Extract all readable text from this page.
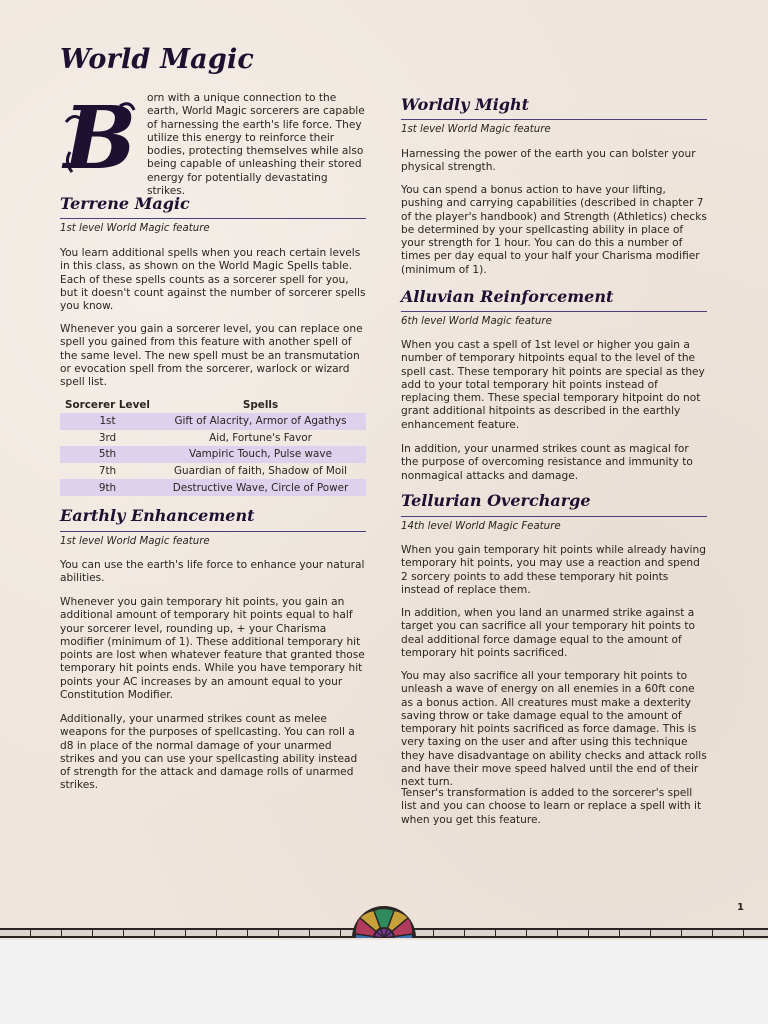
World Magic
B orn with a unique connection to the earth, World Magic sorcerers are capable of harnessing the earth's life force. They utilize this energy to reinforce their bodies, protecting themselves while also being capable of unleashing their stored energy for potentially devastating strikes.
Terrene Magic
1st level World Magic feature
You learn additional spells when you reach certain levels in this class, as shown on the World Magic Spells table. Each of these spells counts as a sorcerer spell for you, but it doesn't count against the number of sorcerer spells you know.
Whenever you gain a sorcerer level, you can replace one spell you gained from this feature with another spell of the same level. The new spell must be an transmutation or evocation spell from the sorcerer, warlock or wizard spell list.
Sorcerer Level	Spells
1st	Gift of Alacrity, Armor of Agathys
3rd	Aid, Fortune's Favor
5th	Vampiric Touch, Pulse wave
7th	Guardian of faith, Shadow of Moil
9th	Destructive Wave, Circle of Power
Earthly Enhancement
1st level World Magic feature
You can use the earth's life force to enhance your natural abilities.
Whenever you gain temporary hit points, you gain an additional amount of temporary hit points equal to half your sorcerer level, rounding up, + your Charisma modifier (minimum of 1). These additional temporary hit points are lost when whatever feature that granted those temporary hit points ends. While you have temporary hit points your AC increases by an amount equal to your Constitution Modifier.
Additionally, your unarmed strikes count as melee weapons for the purposes of spellcasting. You can roll a d8 in place of the normal damage of your unarmed strikes and you can use your spellcasting ability instead of strength for the attack and damage rolls of unarmed strikes.
Worldly Might
1st level World Magic feature
Harnessing the power of the earth you can bolster your physical strength.
You can spend a bonus action to have your lifting, pushing and carrying capabilities (described in chapter 7 of the player's handbook) and Strength (Athletics) checks be determined by your spellcasting ability in place of your strength for 1 hour. You can do this a number of times per day equal to your half your Charisma modifier (minimum of 1).
Alluvian Reinforcement
6th level World Magic feature
When you cast a spell of 1st level or higher you gain a number of temporary hitpoints equal to the level of the spell cast. These temporary hit points are special as they add to your total temporary hit points instead of replacing them. These special temporary hitpoint do not grant additional hitpoints as described in the earthly enhancement feature.
In addition, your unarmed strikes count as magical for the purpose of overcoming resistance and immunity to nonmagical attacks and damage.
Tellurian Overcharge
14th level World Magic Feature
When you gain temporary hit points while already having temporary hit points, you may use a reaction and spend 2 sorcery points to add these temporary hit points instead of replace them.
In addition, when you land an unarmed strike against a target you can sacrifice all your temporary hit points to deal additional force damage equal to the amount of temporary hit points sacrificed.
You may also sacrifice all your temporary hit points to unleash a wave of energy on all enemies in a 60ft cone as a bonus action. All creatures must make a dexterity saving throw or take damage equal to the amount of temporary hit points sacrificed as force damage. This is very taxing on the user and after using this technique they have disadvantage on ability checks and attack rolls and have their move speed halved until the end of their next turn.
Tenser's transformation is added to the sorcerer's spell list and you can choose to learn or replace a spell with it when you get this feature.
1
